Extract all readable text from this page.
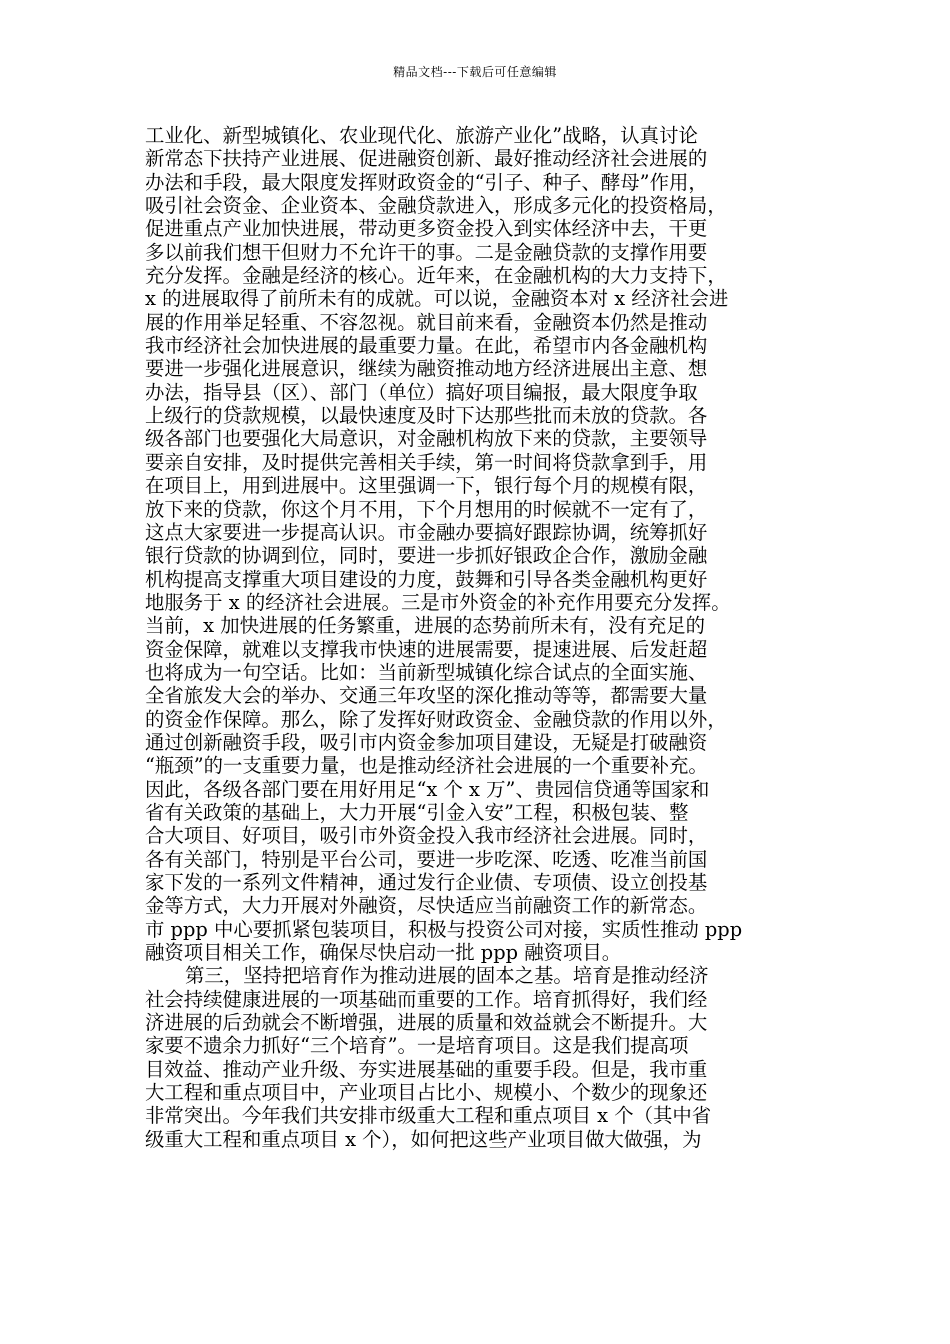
精品文档---下载后可任意编辑
工业化、新型城镇化、农业现代化、旅游产业化”战略，认真讨论
新常态下扶持产业进展、促进融资创新、最好推动经济社会进展的
办法和手段，最大限度发挥财政资金的“引子、种子、酵母”作用，
吸引社会资金、企业资本、金融贷款进入，形成多元化的投资格局，
促进重点产业加快进展，带动更多资金投入到实体经济中去，干更
多以前我们想干但财力不允许干的事。二是金融贷款的支撑作用要
充分发挥。金融是经济的核心。近年来，在金融机构的大力支持下，
x 的进展取得了前所未有的成就。可以说，金融资本对 x 经济社会进
展的作用举足轻重、不容忽视。就目前来看，金融资本仍然是推动
我市经济社会加快进展的最重要力量。在此，希望市内各金融机构
要进一步强化进展意识，继续为融资推动地方经济进展出主意、想
办法，指导县（区）、部门（单位）搞好项目编报，最大限度争取
上级行的贷款规模，以最快速度及时下达那些批而未放的贷款。各
级各部门也要强化大局意识，对金融机构放下来的贷款，主要领导
要亲自安排，及时提供完善相关手续，第一时间将贷款拿到手，用
在项目上，用到进展中。这里强调一下，银行每个月的规模有限，
放下来的贷款，你这个月不用，下个月想用的时候就不一定有了，
这点大家要进一步提高认识。市金融办要搞好跟踪协调，统筹抓好
银行贷款的协调到位，同时，要进一步抓好银政企合作，激励金融
机构提高支撑重大项目建设的力度，鼓舞和引导各类金融机构更好
地服务于 x 的经济社会进展。三是市外资金的补充作用要充分发挥。
当前，x 加快进展的任务繁重，进展的态势前所未有，没有充足的
资金保障，就难以支撑我市快速的进展需要，提速进展、后发赶超
也将成为一句空话。比如：当前新型城镇化综合试点的全面实施、
全省旅发大会的举办、交通三年攻坚的深化推动等等，都需要大量
的资金作保障。那么，除了发挥好财政资金、金融贷款的作用以外，
通过创新融资手段，吸引市内资金参加项目建设，无疑是打破融资
“瓶颈”的一支重要力量，也是推动经济社会进展的一个重要补充。
因此，各级各部门要在用好用足“x 个 x 万”、贵园信贷通等国家和
省有关政策的基础上，大力开展“引金入安”工程，积极包装、整
合大项目、好项目，吸引市外资金投入我市经济社会进展。同时，
各有关部门，特别是平台公司，要进一步吃深、吃透、吃准当前国
家下发的一系列文件精神，通过发行企业债、专项债、设立创投基
金等方式，大力开展对外融资，尽快适应当前融资工作的新常态。
市 ppp 中心要抓紧包装项目，积极与投资公司对接，实质性推动 ppp
融资项目相关工作，确保尽快启动一批 ppp 融资项目。
第三，坚持把培育作为推动进展的固本之基。培育是推动经济
社会持续健康进展的一项基础而重要的工作。培育抓得好，我们经
济进展的后劲就会不断增强，进展的质量和效益就会不断提升。大
家要不遗余力抓好“三个培育”。一是培育项目。这是我们提高项
目效益、推动产业升级、夯实进展基础的重要手段。但是，我市重
大工程和重点项目中，产业项目占比小、规模小、个数少的现象还
非常突出。今年我们共安排市级重大工程和重点项目 x 个（其中省
级重大工程和重点项目 x 个），如何把这些产业项目做大做强，为
